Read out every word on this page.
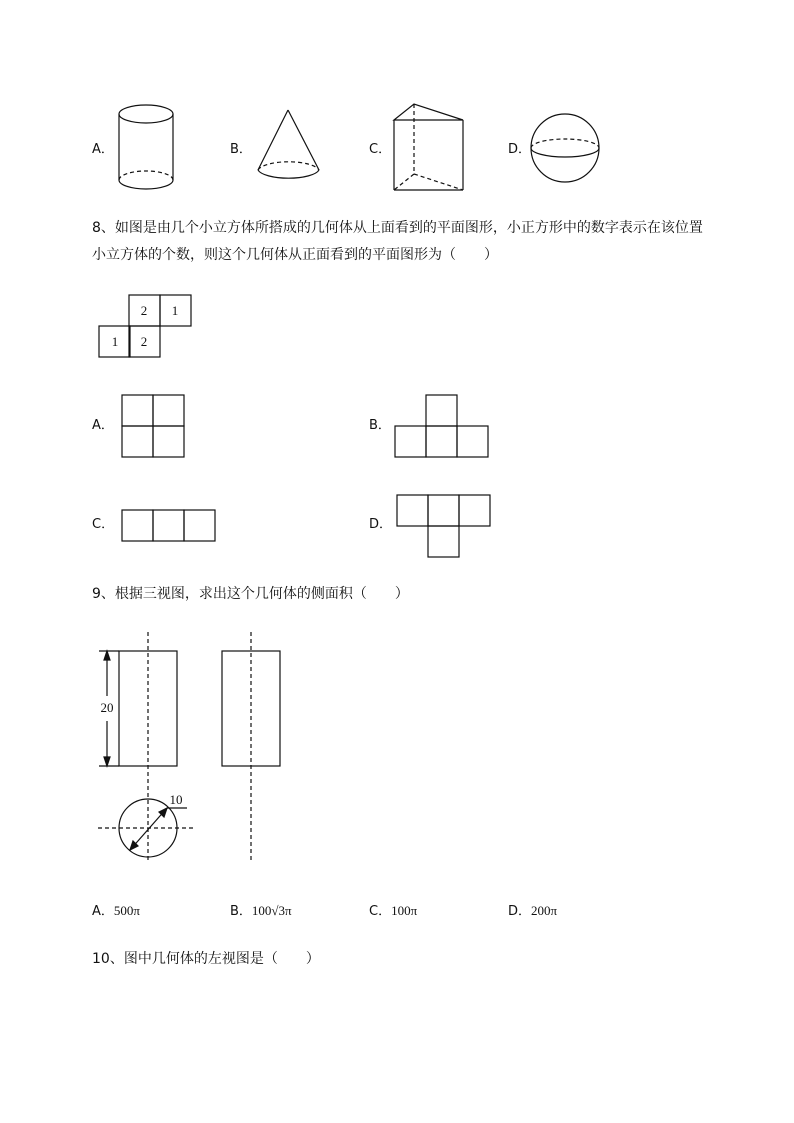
A．	B．	C．	D．
8、如图是由几个小立方体所搭成的几何体从上面看到的平面图形，小正方形中的数字表示在该位置
小立方体的个数，则这个几何体从正面看到的平面图形为（　　）
2 1
1 2
A．	B．
C．	D．
9、根据三视图，求出这个几何体的侧面积（　　）
20
10
A．500π	B．100√3π	C．100π	D．200π
10、图中几何体的左视图是（　　）
